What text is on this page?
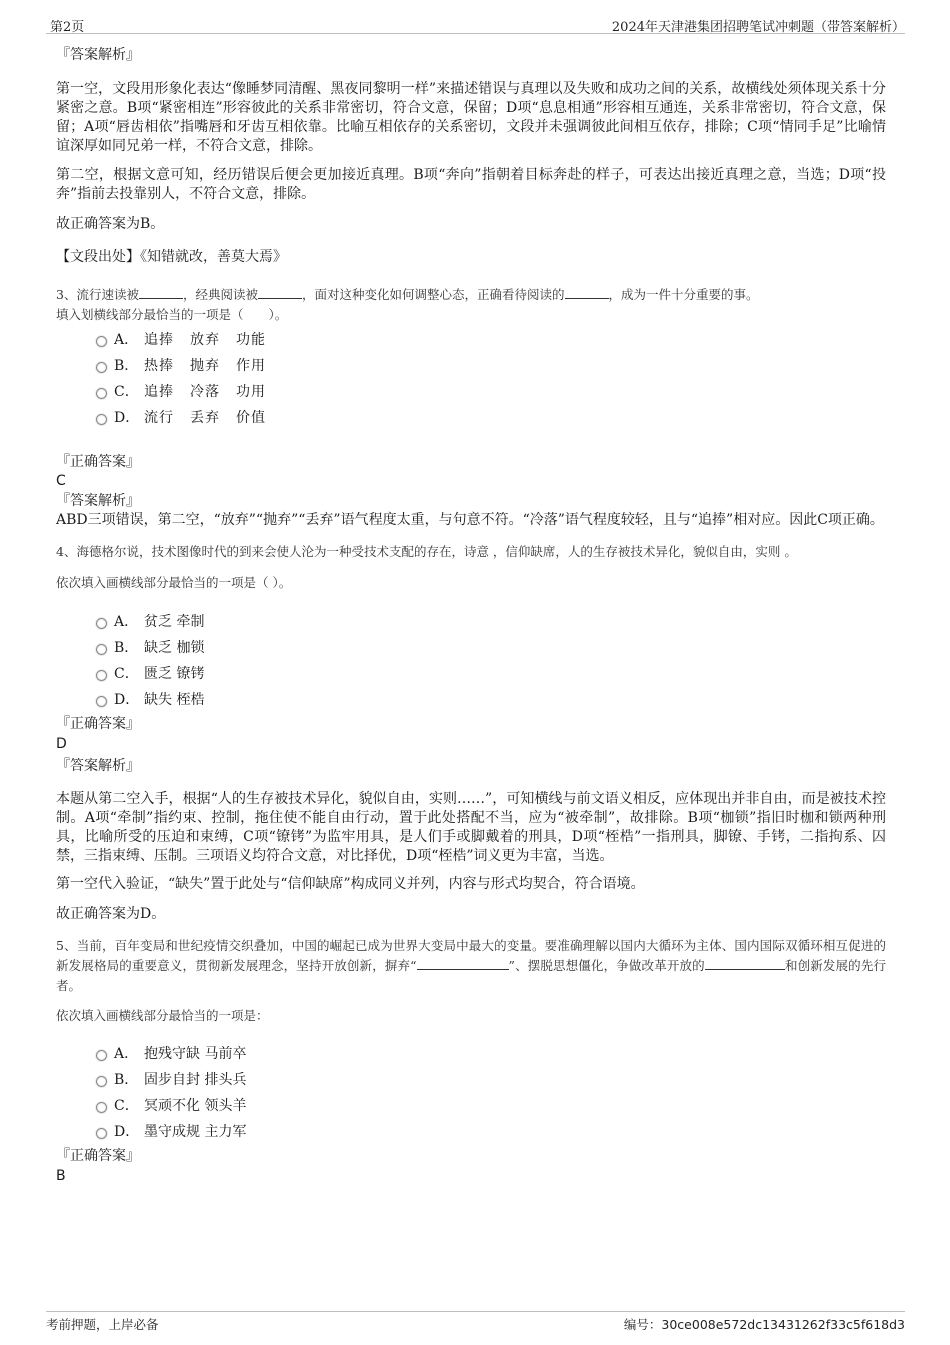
第2页	2024年天津港集团招聘笔试冲刺题（带答案解析）

『答案解析』

第一空，文段用形象化表达“像睡梦同清醒、黑夜同黎明一样”来描述错误与真理以及失败和成功之间的关系，故横线处须体现关系十分紧密之意。B项“紧密相连”形容彼此的关系非常密切，符合文意，保留；D项“息息相通”形容相互通连，关系非常密切，符合文意，保留；A项“唇齿相依”指嘴唇和牙齿互相依靠。比喻互相依存的关系密切，文段并未强调彼此间相互依存，排除；C项“情同手足”比喻情谊深厚如同兄弟一样，不符合文意，排除。

第二空，根据文意可知，经历错误后便会更加接近真理。B项“奔向”指朝着目标奔赴的样子，可表达出接近真理之意，当选；D项“投奔”指前去投靠别人，不符合文意，排除。

故正确答案为B。

【文段出处】《知错就改，善莫大焉》

3、流行速读被	，经典阅读被	，面对这种变化如何调整心态，正确看待阅读的	，成为一件十分重要的事。

填入划横线部分最恰当的一项是（　　）。

A． 追捧 放弃 功能
B． 热捧 抛弃 作用
C． 追捧 冷落 功用
D． 流行 丢弃 价值

『正确答案』

C

『答案解析』

ABD三项错误，第二空，“放弃”“抛弃”“丢弃”语气程度太重，与句意不符。“冷落”语气程度较轻，且与“追捧”相对应。因此C项正确。

4、海德格尔说，技术图像时代的到来会使人沦为一种受技术支配的存在，诗意 ，信仰缺席，人的生存被技术异化，貌似自由，实则 。

依次填入画横线部分最恰当的一项是（ ）。

A． 贫乏 牵制
B． 缺乏 枷锁
C． 匮乏 镣铐
D． 缺失 桎梏

『正确答案』

D

『答案解析』

本题从第二空入手，根据“人的生存被技术异化，貌似自由，实则……”，可知横线与前文语义相反，应体现出并非自由，而是被技术控制。A项“牵制”指约束、控制，拖住使不能自由行动，置于此处搭配不当，应为“被牵制”，故排除。B项“枷锁”指旧时枷和锁两种刑具，比喻所受的压迫和束缚，C项“镣铐”为监牢用具，是人们手或脚戴着的刑具，D项“桎梏”一指刑具，脚镣、手铐，二指拘系、囚禁，三指束缚、压制。三项语义均符合文意，对比择优，D项“桎梏”词义更为丰富，当选。

第一空代入验证，“缺失”置于此处与“信仰缺席”构成同义并列，内容与形式均契合，符合语境。

故正确答案为D。

5、当前，百年变局和世纪疫情交织叠加，中国的崛起已成为世界大变局中最大的变量。要准确理解以国内大循环为主体、国内国际双循环相互促进的新发展格局的重要意义，贯彻新发展理念，坚持开放创新，摒弃“	”、摆脱思想僵化，争做改革开放的	和创新发展的先行者。

依次填入画横线部分最恰当的一项是：

A． 抱残守缺 马前卒
B． 固步自封 排头兵
C． 冥顽不化 领头羊
D． 墨守成规 主力军

『正确答案』

B

考前押题，上岸必备	编号：30ce008e572dc13431262f33c5f618d3
